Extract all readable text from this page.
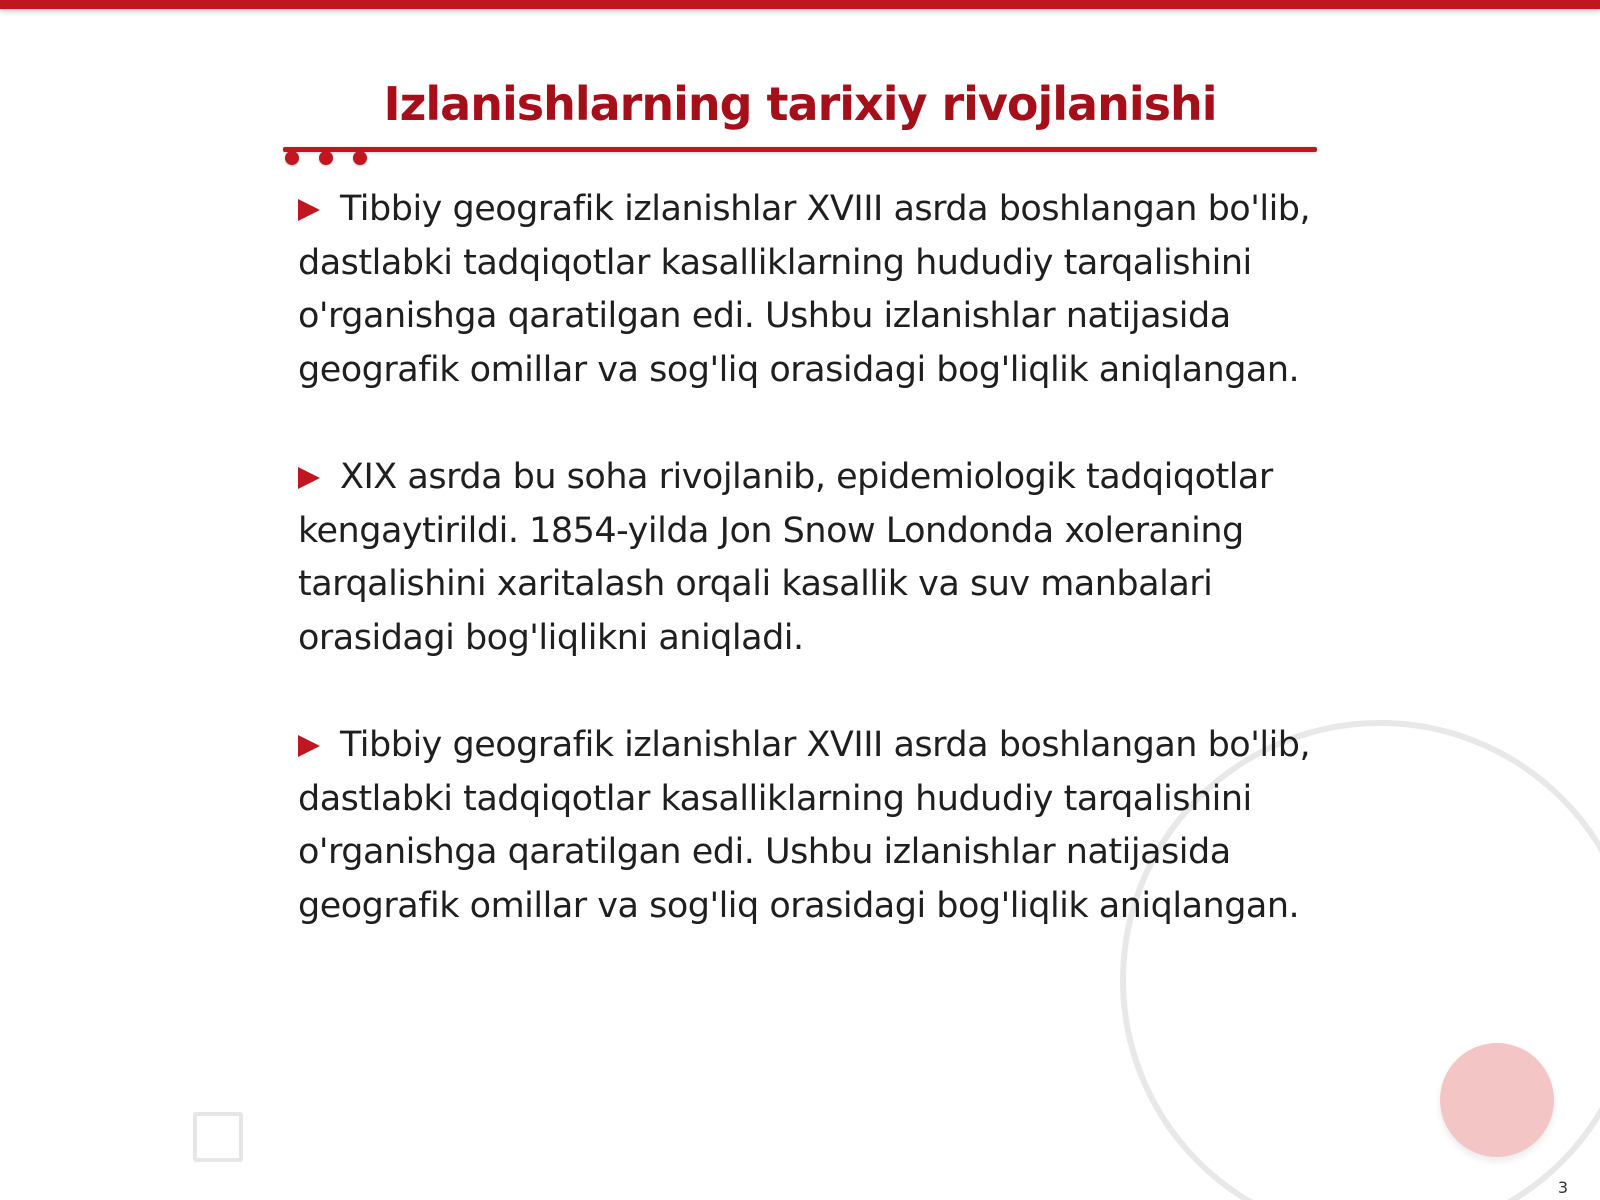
Izlanishlarning tarixiy rivojlanishi
Tibbiy geografik izlanishlar XVIII asrda boshlangan bo'lib, dastlabki tadqiqotlar kasalliklarning hududiy tarqalishini o'rganishga qaratilgan edi. Ushbu izlanishlar natijasida geografik omillar va sog'liq orasidagi bog'liqlik aniqlangan.
XIX asrda bu soha rivojlanib, epidemiologik tadqiqotlar kengaytirildi. 1854-yilda Jon Snow Londonda xoleraning tarqalishini xaritalash orqali kasallik va suv manbalari orasidagi bog'liqlikni aniqladi.
Tibbiy geografik izlanishlar XVIII asrda boshlangan bo'lib, dastlabki tadqiqotlar kasalliklarning hududiy tarqalishini o'rganishga qaratilgan edi. Ushbu izlanishlar natijasida geografik omillar va sog'liq orasidagi bog'liqlik aniqlangan.
3
